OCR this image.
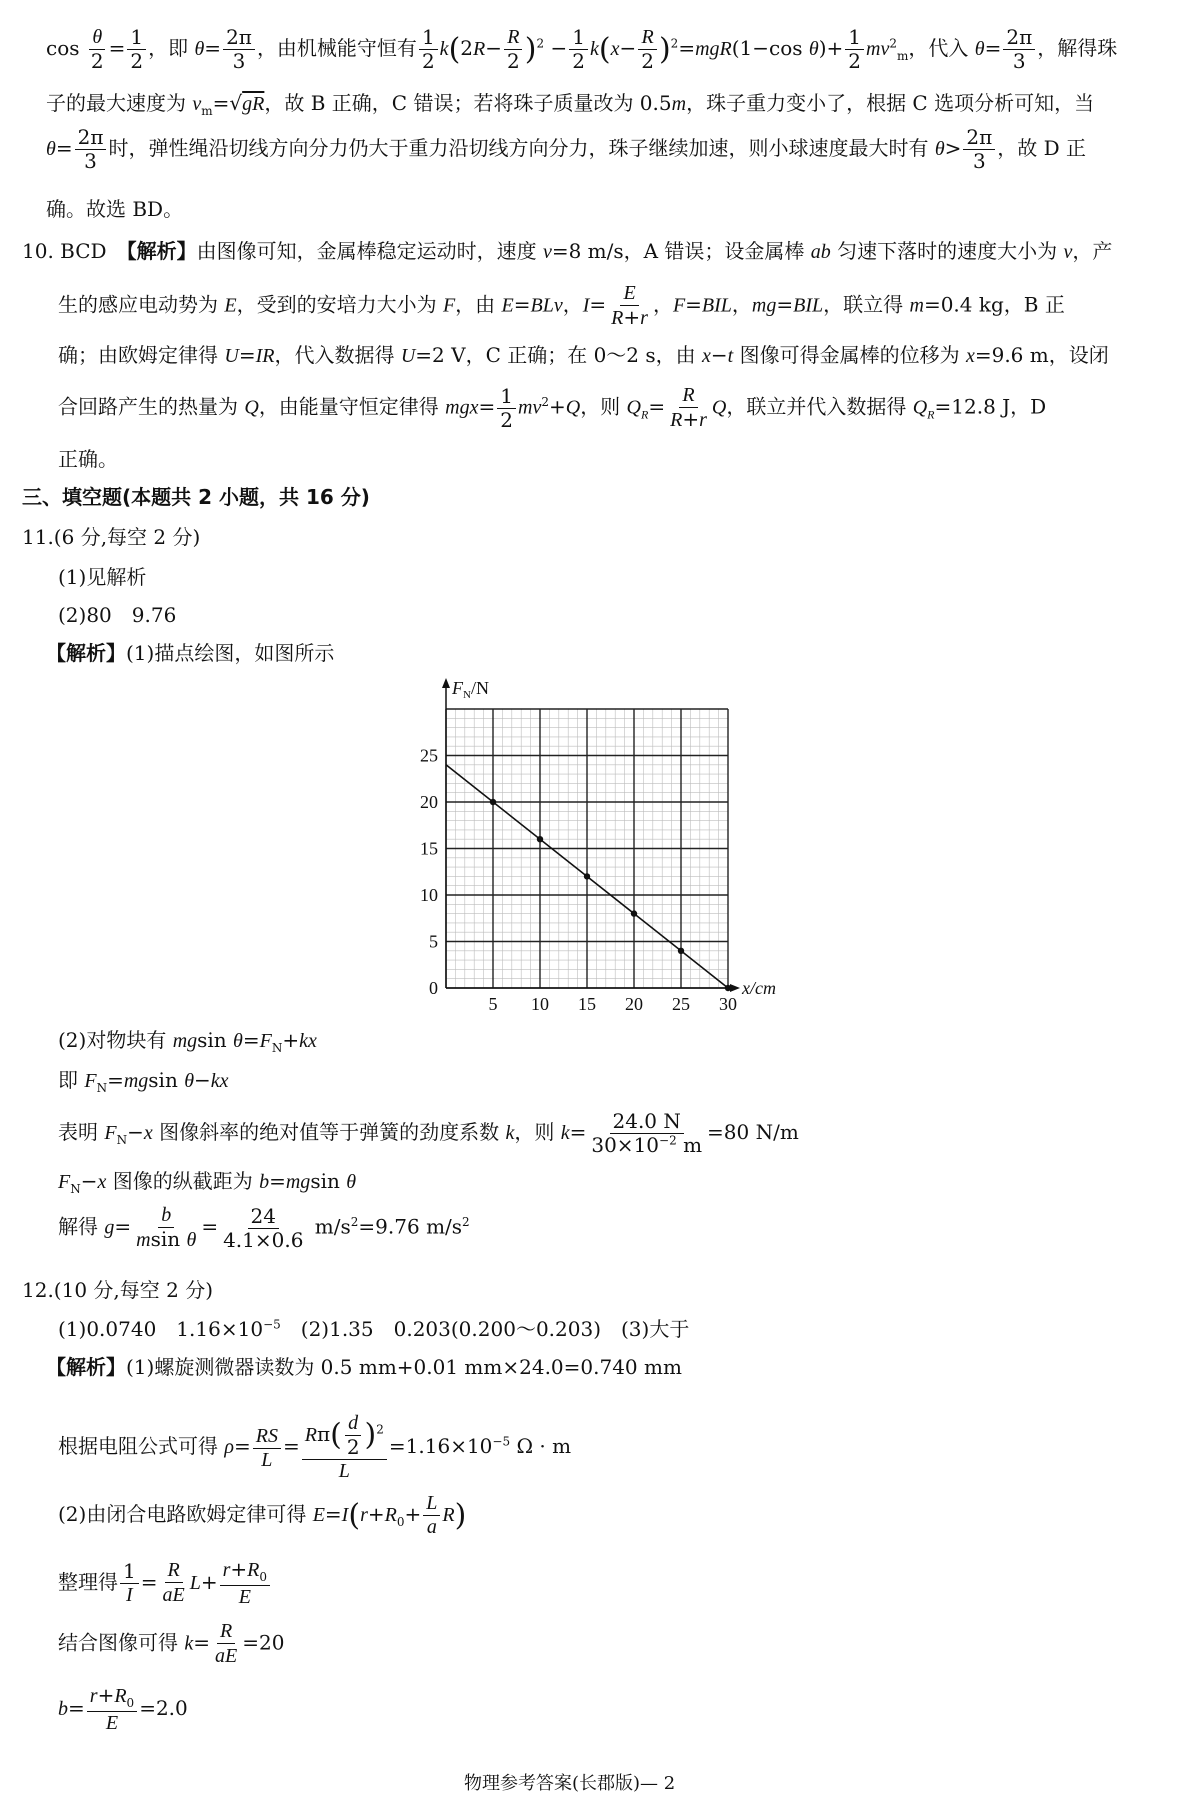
$\cos \frac{\theta}{2} = \frac{1}{2}$ ，即 $\theta= \frac{2\pi}{3}$ ，由机械能守恒有 $\frac{1}{2} k(2R- \frac{R}{2} )^2 - \frac{1}{2} k(x- \frac{R}{2} )^2=mgR(1-\cos$ $\theta)+ \frac{1}{2} mv^2_m$，代入 $\theta= \frac{2\pi}{3}$ ，解得珠
子的最大速度为 $v_m=√gR$，故 B 正确，C 错误；若将珠子质量改为 0.5m，珠子重力变小了，根据 C 选项分析可知，当
$\theta= \frac{2\pi}{3}$ 时，弹性绳沿切线方向分力仍大于重力沿切线方向分力，珠子继续加速，则小球速度最大时有 $\theta> \frac{2\pi}{3}$ ，故 D 正
确。故选 BD。
10. BCD　 【解析】由图像可知，金属棒稳定运动时，速度 v=8 m/s，A 错误；设金属棒 ab 匀速下落时的速度大小为 v，产
生的感应电动势为 E，受到的安培力大小为 F，由 E=BLv，$I= \frac{E}{R+r}$ ，F=BIL，mg=BIL，联立得 m=0.4 kg，B 正
确；由欧姆定律得 U=IR，代入数据得 U=2 V，C 正确；在 0～2 s，由 x−t 图像可得金属棒的位移为 x=9.6 m，设闭
合回路产生的热量为 Q，由能量守恒定律得 $mgx= \frac{1}{2} mv^2+Q$，则 $Q_R= \frac{R}{R+r}$ Q，联立并代入数据得 $Q_R=12.8$ J，D
正确。
三、填空题(本题共 2 小题，共 16 分)
11.(6 分,每空 2 分)
(1)见解析
(2)80　9.76
【解析】(1)描点绘图，如图所示
5 10 15 20 25 30
0
5
10
15
20
25
$F_N/N$
x/cm
(2)对物块有 mgsin $\theta=F_N+kx$
即 $F_N=mgsin$ θ−kx
表明 $F_N-x$ 图像斜率的绝对值等于弹簧的劲度系数 k，则 $k= \frac{24.0 N}{30\times 10^{-2} m} =80$ N/m
$F_N-x$ 图像的纵截距为 b=mgsin θ
解得 $g= \frac{b}{\text{msin θ}} = \frac{24}{4.1\times 0.6} m/s^2=9.76$ $m/s^2$
12.(10 分,每空 2 分)
(1)0.0740　$1.16\times 10^{-5}$　(2)1.35　0.203(0.200～0.203)　(3)大于
【解析】(1)螺旋测微器读数为 0.5 mm+0.01 mm×24.0=0.740 mm
根据电阻公式可得 $\rho= \frac{RS}{L} = \frac{R\pi( \frac{d}{2} )^2}{L} =1.16\times 10^{-5}$ Ω · m
(2)由闭合电路欧姆定律可得 $E=I(r+R_0+ \frac{L}{a} R)$
整理得 $\frac{1}{I} = \frac{R}{aE} L+ \frac{r+R_0}{E}$
结合图像可得 $k= \frac{R}{aE} =20$
$b= \frac{r+R_0}{E} =2.0$
物理参考答案(长郡版)— 2
